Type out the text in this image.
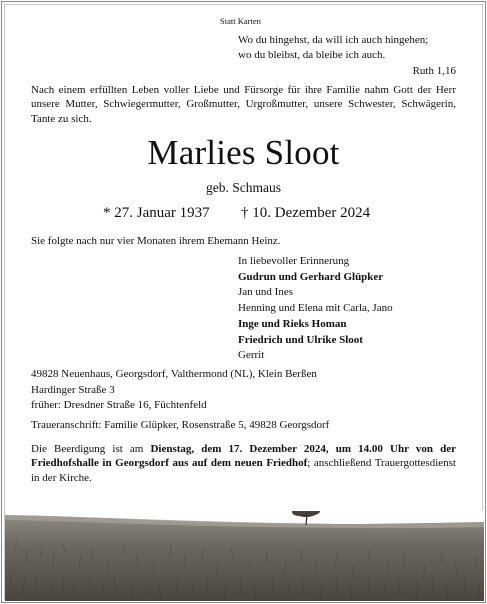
Statt Karten
Wo du hingehst, da will ich auch hingehen;
wo du bleibst, da bleibe ich auch.
Ruth 1,16
Nach einem erfüllten Leben voller Liebe und Fürsorge für ihre Familie nahm Gott der Herr unsere Mutter, Schwiegermutter, Großmutter, Urgroßmutter, unsere Schwester, Schwägerin, Tante zu sich.
Marlies Sloot
geb. Schmaus
* 27. Januar 1937 † 10. Dezember 2024
Sie folgte nach nur vier Monaten ihrem Ehemann Heinz.
In liebevoller Erinnerung
Gudrun und Gerhard Glüpker
Jan und Ines
Henning und Elena mit Carla, Jano
Inge und Rieks Homan
Friedrich und Ulrike Sloot
Gerrit
49828 Neuenhaus, Georgsdorf, Valthermond (NL), Klein Berßen
Hardinger Straße 3
früher: Dresdner Straße 16, Füchtenfeld
Traueranschrift: Familie Glüpker, Rosenstraße 5, 49828 Georgsdorf
Die Beerdigung ist am Dienstag, dem 17. Dezember 2024, um 14.00 Uhr von der Friedhofshalle in Georgsdorf aus auf dem neuen Friedhof; anschließend Trauergottesdienst in der Kirche.
